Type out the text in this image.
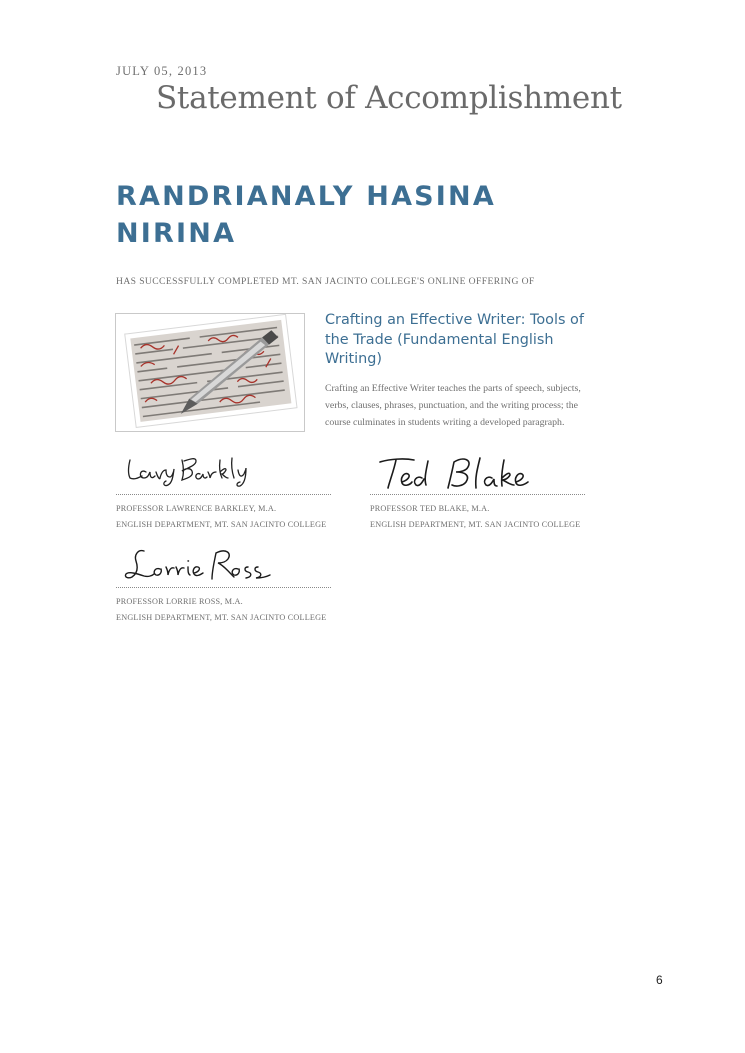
JULY 05, 2013
Statement of Accomplishment
RANDRIANALY HASINA NIRINA
HAS SUCCESSFULLY COMPLETED MT. SAN JACINTO COLLEGE'S ONLINE OFFERING OF
Crafting an Effective Writer: Tools of the Trade (Fundamental English Writing)
Crafting an Effective Writer teaches the parts of speech, subjects, verbs, clauses, phrases, punctuation, and the writing process; the course culminates in students writing a developed paragraph.
PROFESSOR LAWRENCE BARKLEY, M.A.
ENGLISH DEPARTMENT, MT. SAN JACINTO COLLEGE
PROFESSOR TED BLAKE, M.A.
ENGLISH DEPARTMENT, MT. SAN JACINTO COLLEGE
PROFESSOR LORRIE ROSS, M.A.
ENGLISH DEPARTMENT, MT. SAN JACINTO COLLEGE
6
